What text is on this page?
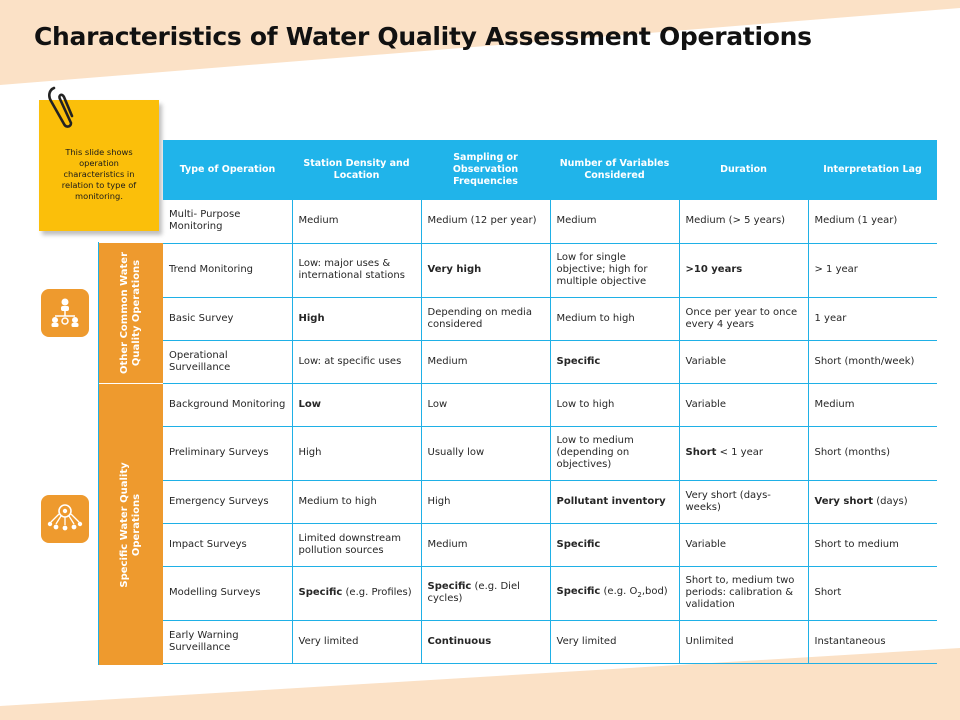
Characteristics of Water Quality Assessment Operations
This slide shows operation characteristics in relation to type of monitoring.
Other Common Water Quality Operations
Specific Water Quality Operations
Type of Operation	Station Density and Location	Sampling or Observation Frequencies	Number of Variables Considered	Duration	Interpretation Lag
Multi- Purpose Monitoring	Medium	Medium (12 per year)	Medium	Medium (> 5 years)	Medium (1 year)
Trend Monitoring	Low: major uses & international stations	Very high	Low for single objective; high for multiple objective	>10 years	> 1 year
Basic Survey	High	Depending on media considered	Medium to high	Once per year to once every 4 years	1 year
Operational Surveillance	Low: at specific uses	Medium	Specific	Variable	Short (month/week)
Background Monitoring	Low	Low	Low to high	Variable	Medium
Preliminary Surveys	High	Usually low	Low to medium (depending on objectives)	Short < 1 year	Short (months)
Emergency Surveys	Medium to high	High	Pollutant inventory	Very short (days-weeks)	Very short (days)
Impact Surveys	Limited downstream pollution sources	Medium	Specific	Variable	Short to medium
Modelling Surveys	Specific (e.g. Profiles)	Specific (e.g. Diel cycles)	Specific (e.g. $O_2,bod$)	Short to, medium two periods: calibration & validation	Short
Early Warning Surveillance	Very limited	Continuous	Very limited	Unlimited	Instantaneous
